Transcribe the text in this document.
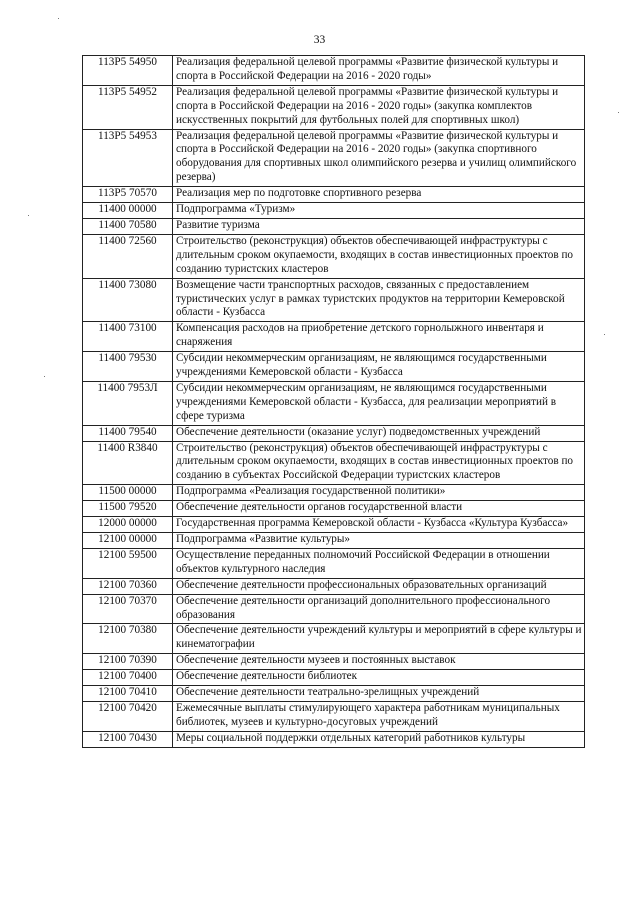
33
113P5 54950	Реализация федеральной целевой программы «Развитие физической культуры и спорта в Российской Федерации на 2016 - 2020 годы»
113P5 54952	Реализация федеральной целевой программы «Развитие физической культуры и спорта в Российской Федерации на 2016 - 2020 годы» (закупка комплектов искусственных покрытий для футбольных полей для спортивных школ)
113P5 54953	Реализация федеральной целевой программы «Развитие физической культуры и спорта в Российской Федерации на 2016 - 2020 годы» (закупка спортивного оборудования для спортивных школ олимпийского резерва и училищ олимпийского резерва)
113P5 70570	Реализация мер по подготовке спортивного резерва
11400 00000	Подпрограмма «Туризм»
11400 70580	Развитие туризма
11400 72560	Строительство (реконструкция) объектов обеспечивающей инфраструктуры с длительным сроком окупаемости, входящих в состав инвестиционных проектов по созданию туристских кластеров
11400 73080	Возмещение части транспортных расходов, связанных с предоставлением туристических услуг в рамках туристских продуктов на территории Кемеровской области - Кузбасса
11400 73100	Компенсация расходов на приобретение детского горнолыжного инвентаря и снаряжения
11400 79530	Субсидии некоммерческим организациям, не являющимся государственными учреждениями Кемеровской области - Кузбасса
11400 7953Л	Субсидии некоммерческим организациям, не являющимся государственными учреждениями Кемеровской области - Кузбасса, для реализации мероприятий в сфере туризма
11400 79540	Обеспечение деятельности (оказание услуг) подведомственных учреждений
11400 R3840	Строительство (реконструкция) объектов обеспечивающей инфраструктуры с длительным сроком окупаемости, входящих в состав инвестиционных проектов по созданию в субъектах Российской Федерации туристских кластеров
11500 00000	Подпрограмма «Реализация государственной политики»
11500 79520	Обеспечение деятельности органов государственной власти
12000 00000	Государственная программа Кемеровской области - Кузбасса «Культура Кузбасса»
12100 00000	Подпрограмма «Развитие культуры»
12100 59500	Осуществление переданных полномочий Российской Федерации в отношении объектов культурного наследия
12100 70360	Обеспечение деятельности профессиональных образовательных организаций
12100 70370	Обеспечение деятельности организаций дополнительного профессионального образования
12100 70380	Обеспечение деятельности учреждений культуры и мероприятий в сфере культуры и кинематографии
12100 70390	Обеспечение деятельности музеев и постоянных выставок
12100 70400	Обеспечение деятельности библиотек
12100 70410	Обеспечение деятельности театрально-зрелищных учреждений
12100 70420	Ежемесячные выплаты стимулирующего характера работникам муниципальных библиотек, музеев и культурно-досуговых учреждений
12100 70430	Меры социальной поддержки отдельных категорий работников культуры
